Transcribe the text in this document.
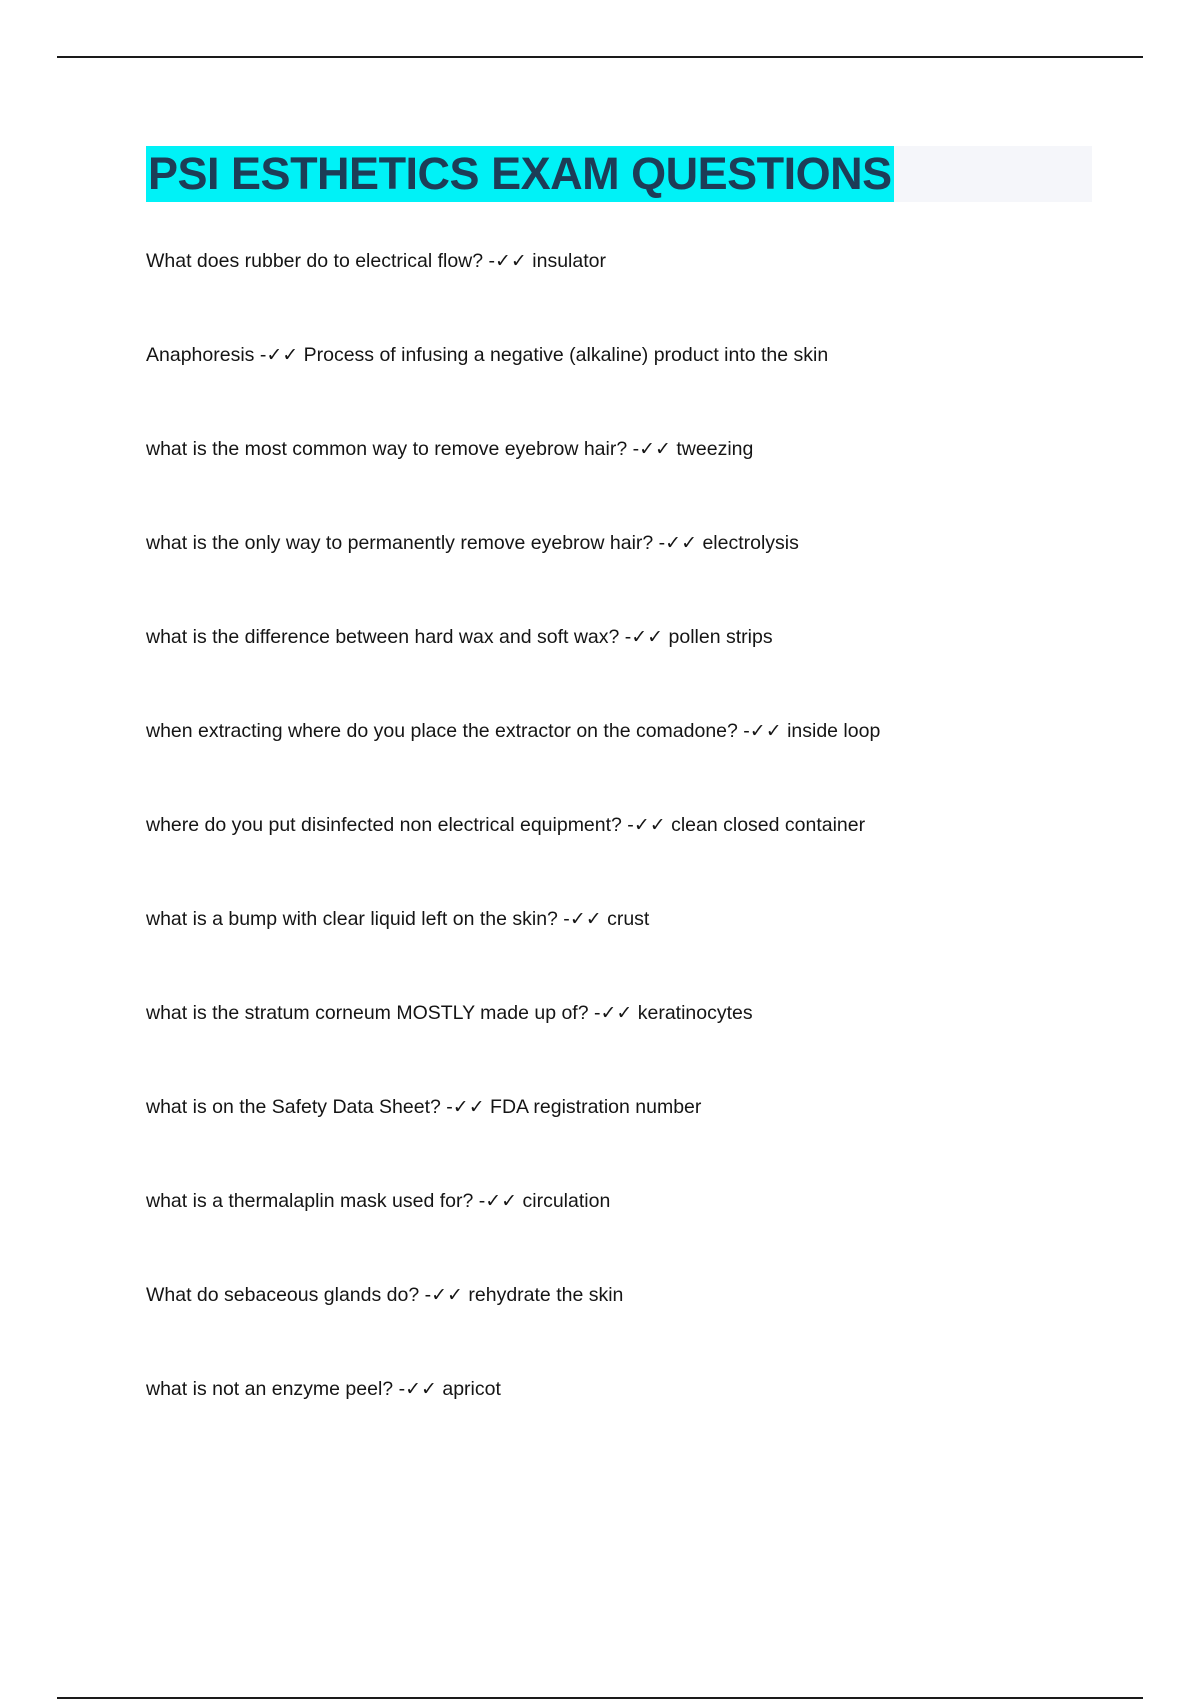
PSI ESTHETICS EXAM QUESTIONS
What does rubber do to electrical flow? -✓✓ insulator
Anaphoresis -✓✓ Process of infusing a negative (alkaline) product into the skin
what is the most common way to remove eyebrow hair? -✓✓ tweezing
what is the only way to permanently remove eyebrow hair? -✓✓ electrolysis
what is the difference between hard wax and soft wax? -✓✓ pollen strips
when extracting where do you place the extractor on the comadone? -✓✓ inside loop
where do you put disinfected non electrical equipment? -✓✓ clean closed container
what is a bump with clear liquid left on the skin? -✓✓ crust
what is the stratum corneum MOSTLY made up of? -✓✓ keratinocytes
what is on the Safety Data Sheet? -✓✓ FDA registration number
what is a thermalaplin mask used for? -✓✓ circulation
What do sebaceous glands do? -✓✓ rehydrate the skin
what is not an enzyme peel? -✓✓ apricot
